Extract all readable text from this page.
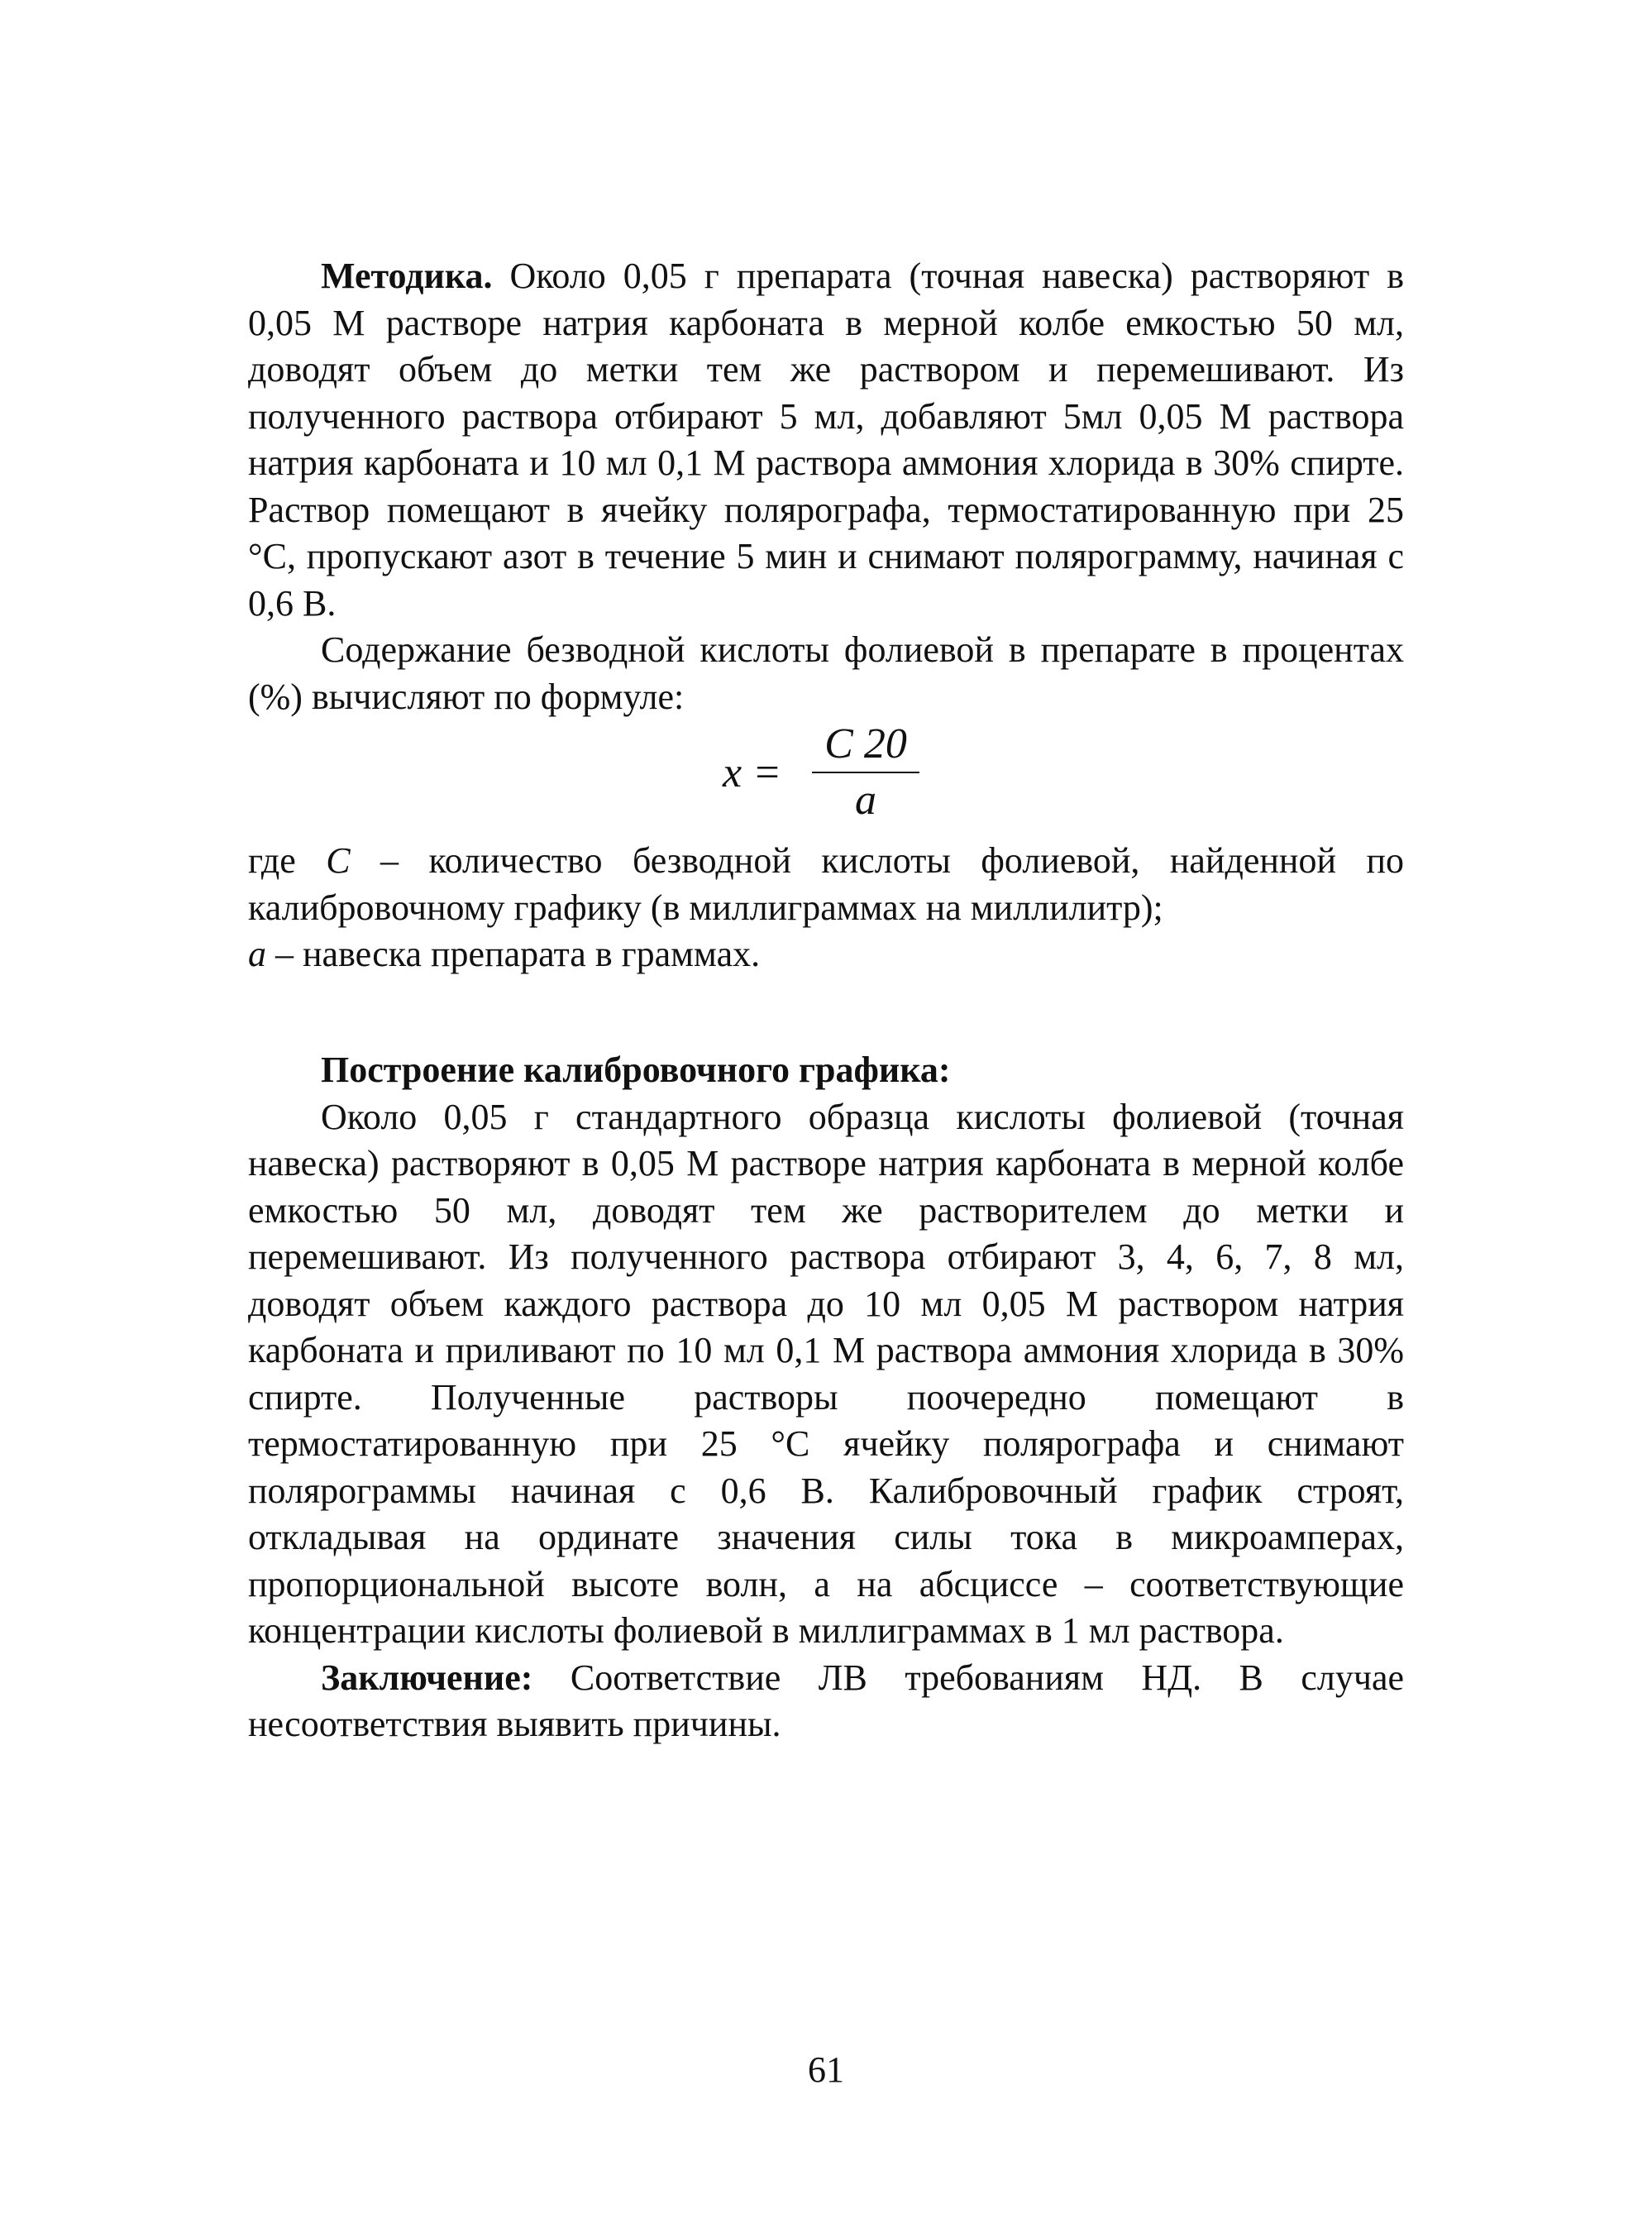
Методика. Около 0,05 г препарата (точная навеска) растворяют в 0,05 М растворе натрия карбоната в мерной колбе емкостью 50 мл, доводят объем до метки тем же раствором и перемешивают. Из полученного раствора отбирают 5 мл, добавляют 5мл 0,05 М раствора натрия карбоната и 10 мл 0,1 М раствора аммония хлорида в 30% спирте. Раствор помещают в ячейку полярографа, термостатированную при 25 °С, пропускают азот в течение 5 мин и снимают полярограмму, начиная с 0,6 В.

Содержание безводной кислоты фолиевой в препарате в процентах (%) вычисляют по формуле:

x =
C 20
a

где C – количество безводной кислоты фолиевой, найденной по калибровочному графику (в миллиграммах на миллилитр);

a – навеска препарата в граммах.

Построение калибровочного графика:

Около 0,05 г стандартного образца кислоты фолиевой (точная навеска) растворяют в 0,05 М растворе натрия карбоната в мерной колбе емкостью 50 мл, доводят тем же растворителем до метки и перемешивают. Из полученного раствора отбирают 3, 4, 6, 7, 8 мл, доводят объем каждого раствора до 10 мл 0,05 М раствором натрия карбоната и приливают по 10 мл 0,1 М раствора аммония хлорида в 30% спирте. Полученные растворы поочередно помещают в термостатированную при 25 °С ячейку полярографа и снимают полярограммы начиная с 0,6 В. Калибровочный график строят, откладывая на ординате значения силы тока в микроамперах, пропорциональной высоте волн, а на абсциссе – соответствующие концентрации кислоты фолиевой в миллиграммах в 1 мл раствора.

Заключение: Соответствие ЛВ требованиям НД. В случае несоответствия выявить причины.

61
